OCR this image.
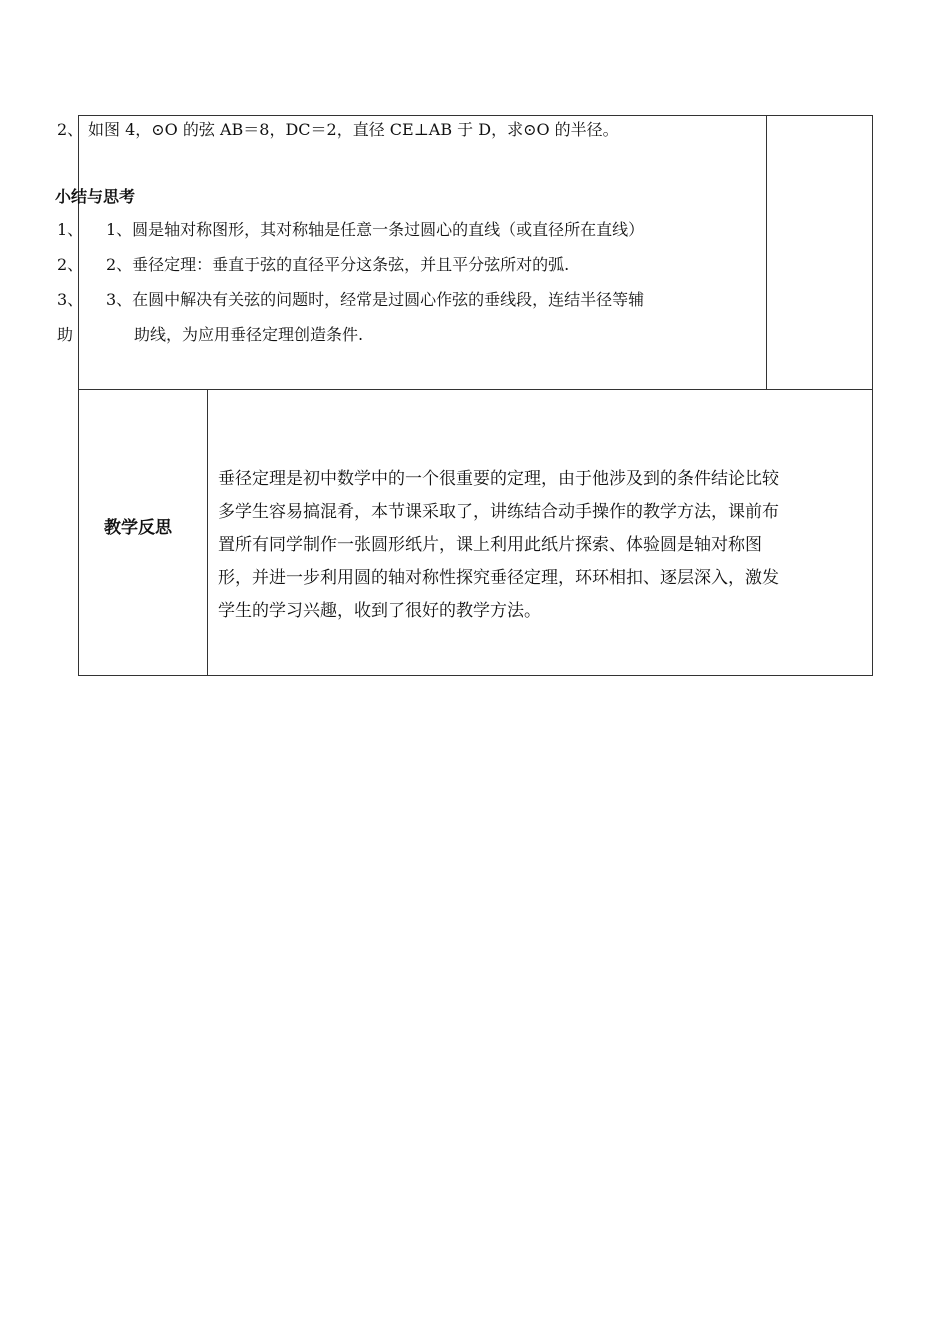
2、 如图 4，⊙O 的弦 AB＝8，DC＝2，直径 CE⊥AB 于 D，求⊙O 的半径。
小结与思考
1、 1、圆是轴对称图形，其对称轴是任意一条过圆心的直线（或直径所在直线）
2、 2、垂径定理：垂直于弦的直径平分这条弦，并且平分弦所对的弧.
3、 3、在圆中解决有关弦的问题时，经常是过圆心作弦的垂线段，连结半径等辅
助	助线，为应用垂径定理创造条件.
教学反思
垂径定理是初中数学中的一个很重要的定理，由于他涉及到的条件结论比较
多学生容易搞混肴，本节课采取了，讲练结合动手操作的教学方法，课前布
置所有同学制作一张圆形纸片，课上利用此纸片探索、体验圆是轴对称图
形，并进一步利用圆的轴对称性探究垂径定理，环环相扣、逐层深入，激发
学生的学习兴趣，收到了很好的教学方法。
